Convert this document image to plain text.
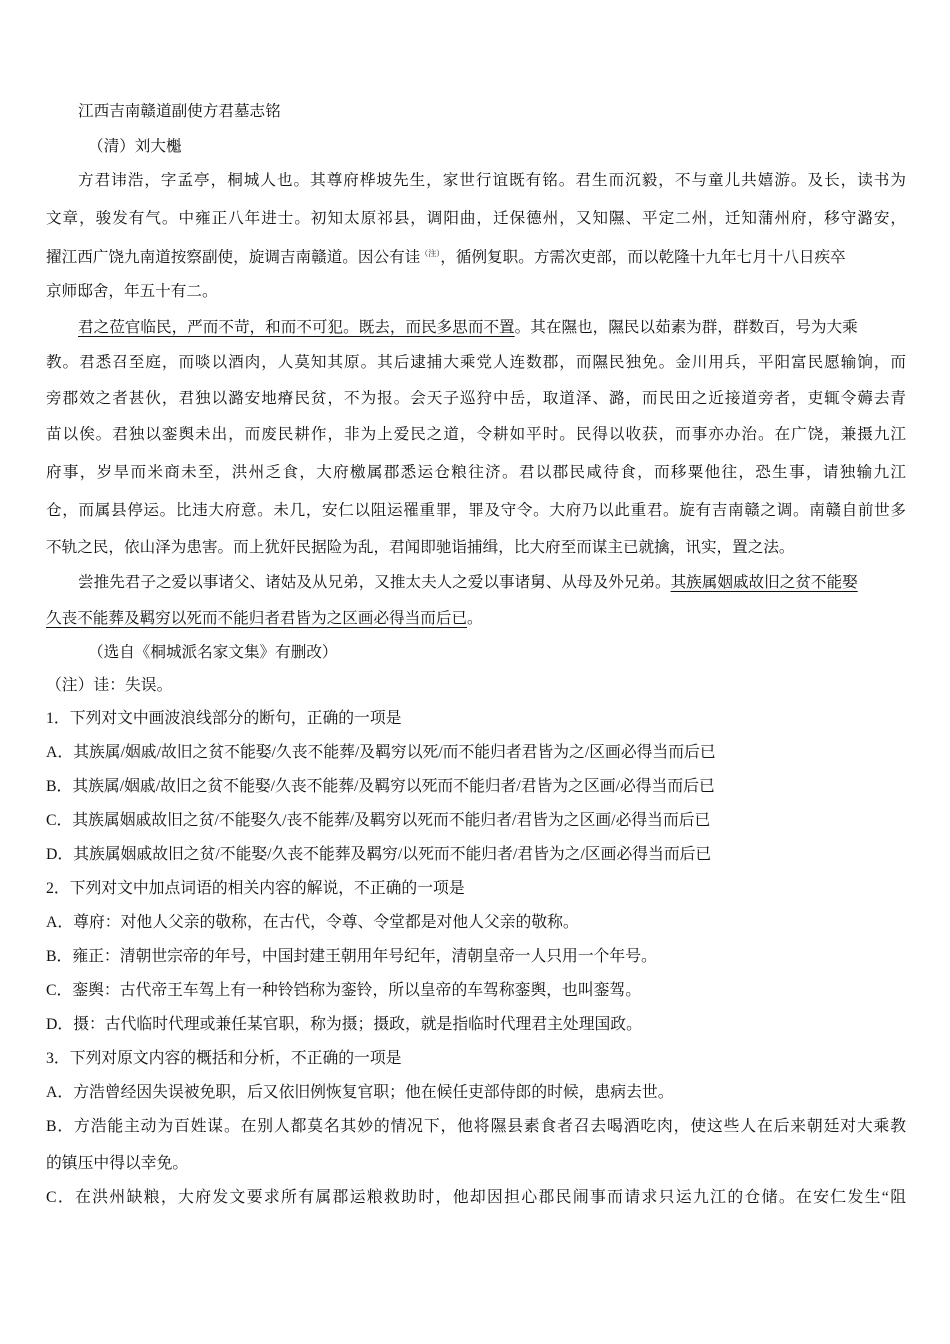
江西吉南赣道副使方君墓志铭
（清）刘大櫆
方君讳浩，字孟亭，桐城人也。其尊府桦坡先生，家世行谊既有铭。君生而沉毅，不与童儿共嬉游。及长，读书为
文章，骏发有气。中雍正八年进士。初知太原祁县，调阳曲，迁保德州，又知隰、平定二州，迁知蒲州府，移守潞安，
擢江西广饶九南道按察副使，旋调吉南赣道。因公有诖$^{(注)}$，循例复职。方需次吏部，而以乾隆十九年七月十八日疾卒
京师邸舍，年五十有二。
君之莅官临民，严而不苛，和而不可犯。既去，而民多思而不置。其在隰也，隰民以茹素为群，群数百，号为大乘
教。君悉召至庭，而啖以酒肉，人莫知其原。其后逮捕大乘党人连数郡，而隰民独免。金川用兵，平阳富民愿输饷，而
旁郡效之者甚伙，君独以潞安地瘠民贫，不为报。会天子巡狩中岳，取道泽、潞，而民田之近接道旁者，吏辄令薅去青
苗以俟。君独以銮舆未出，而废民耕作，非为上爱民之道，令耕如平时。民得以收获，而事亦办治。在广饶，兼摄九江
府事，岁旱而米商未至，洪州乏食，大府檄属郡悉运仓粮往济。君以郡民咸待食，而移粟他往，恐生事，请独输九江
仓，而属县停运。比违大府意。未几，安仁以阻运罹重罪，罪及守令。大府乃以此重君。旋有吉南赣之调。南赣自前世多
不轨之民，依山泽为患害。而上犹奸民据险为乱，君闻即驰诣捕缉，比大府至而谋主已就擒，讯实，置之法。
尝推先君子之爱以事诸父、诸姑及从兄弟，又推太夫人之爱以事诸舅、从母及外兄弟。其族属姻戚故旧之贫不能娶
久丧不能葬及羁穷以死而不能归者君皆为之区画必得当而后已。
（选自《桐城派名家文集》有删改）
（注）诖：失误。
1．下列对文中画波浪线部分的断句，正确的一项是
A．其族属/姻戚/故旧之贫不能娶/久丧不能葬/及羁穷以死/而不能归者君皆为之/区画必得当而后已
B．其族属/姻戚/故旧之贫不能娶/久丧不能葬/及羁穷以死而不能归者/君皆为之区画/必得当而后已
C．其族属姻戚故旧之贫/不能娶久/丧不能葬/及羁穷以死而不能归者/君皆为之区画/必得当而后已
D．其族属姻戚故旧之贫/不能娶/久丧不能葬及羁穷/以死而不能归者/君皆为之/区画必得当而后已
2．下列对文中加点词语的相关内容的解说，不正确的一项是
A．尊府：对他人父亲的敬称，在古代，令尊、令堂都是对他人父亲的敬称。
B．雍正：清朝世宗帝的年号，中国封建王朝用年号纪年，清朝皇帝一人只用一个年号。
C．銮舆：古代帝王车驾上有一种铃铛称为銮铃，所以皇帝的车驾称銮舆，也叫銮驾。
D．摄：古代临时代理或兼任某官职，称为摄；摄政，就是指临时代理君主处理国政。
3．下列对原文内容的概括和分析，不正确的一项是
A．方浩曾经因失误被免职，后又依旧例恢复官职；他在候任吏部侍郎的时候，患病去世。
B．方浩能主动为百姓谋。在别人都莫名其妙的情况下，他将隰县素食者召去喝酒吃肉，使这些人在后来朝廷对大乘教
的镇压中得以幸免。
C．在洪州缺粮，大府发文要求所有属郡运粮救助时，他却因担心郡民闹事而请求只运九江的仓储。在安仁发生“阻
